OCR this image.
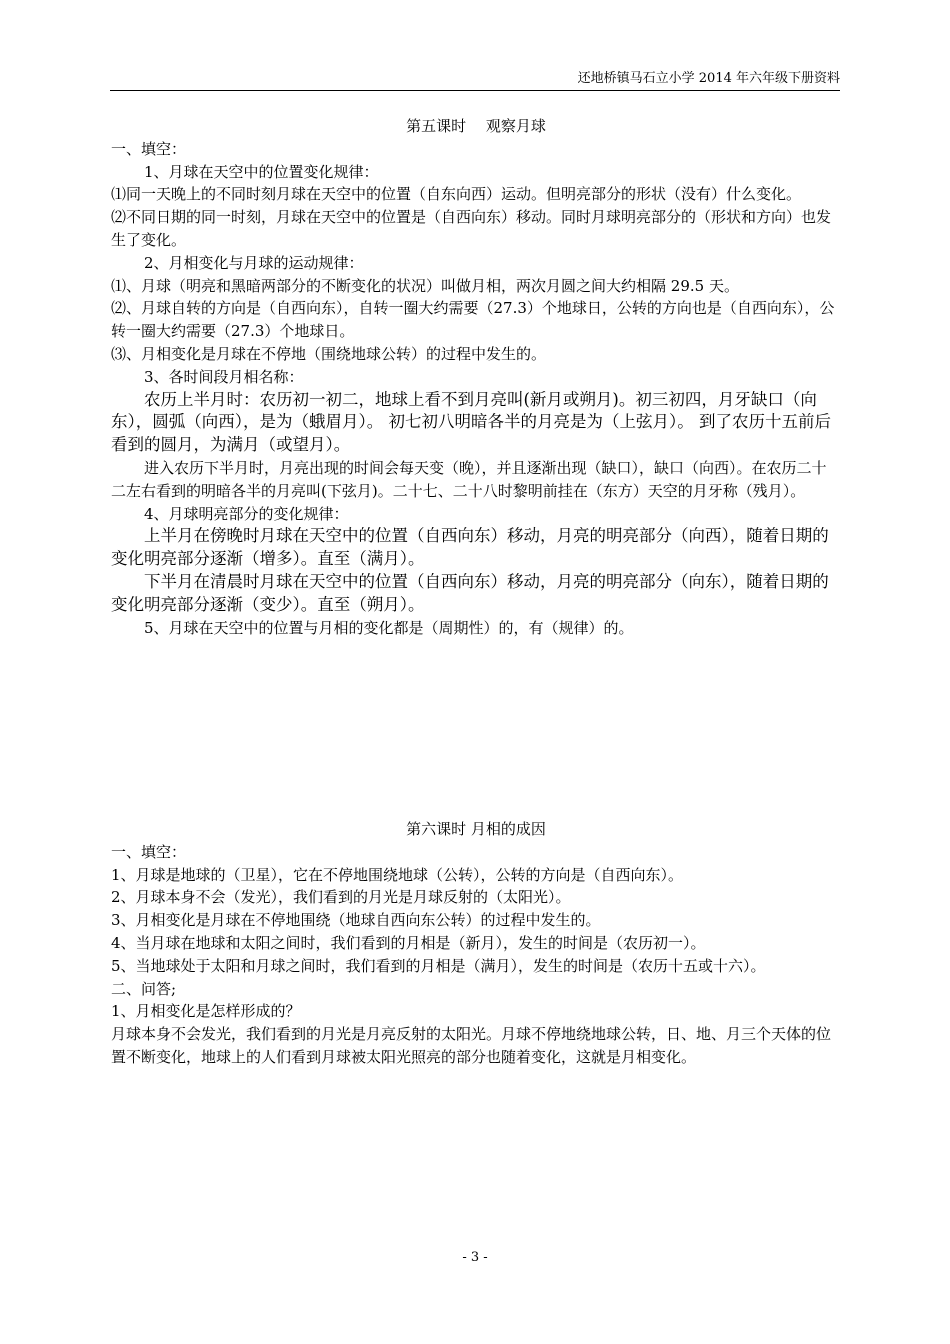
还地桥镇马石立小学 2014 年六年级下册资料
第五课时　 观察月球
一、填空：
1、月球在天空中的位置变化规律：
⑴同一天晚上的不同时刻月球在天空中的位置（自东向西）运动。但明亮部分的形状（没有）什么变化。
⑵不同日期的同一时刻，月球在天空中的位置是（自西向东）移动。同时月球明亮部分的（形状和方向）也发生了变化。
2、月相变化与月球的运动规律：
⑴、月球（明亮和黑暗两部分的不断变化的状况）叫做月相，两次月圆之间大约相隔 29.5 天。
⑵、月球自转的方向是（自西向东），自转一圈大约需要（27.3）个地球日，公转的方向也是（自西向东），公转一圈大约需要（27.3）个地球日。
⑶、月相变化是月球在不停地（围绕地球公转）的过程中发生的。
3、各时间段月相名称：
农历上半月时：农历初一初二，地球上看不到月亮叫(新月或朔月)。初三初四，月牙缺口（向东），圆弧（向西），是为（蛾眉月）。 初七初八明暗各半的月亮是为（上弦月）。 到了农历十五前后看到的圆月，为满月（或望月）。
进入农历下半月时，月亮出现的时间会每天变（晚），并且逐渐出现（缺口），缺口（向西）。在农历二十二左右看到的明暗各半的月亮叫(下弦月)。二十七、二十八时黎明前挂在（东方）天空的月牙称（残月）。
4、月球明亮部分的变化规律：
上半月在傍晚时月球在天空中的位置（自西向东）移动，月亮的明亮部分（向西），随着日期的变化明亮部分逐渐（增多）。直至（满月）。
下半月在清晨时月球在天空中的位置（自西向东）移动，月亮的明亮部分（向东），随着日期的变化明亮部分逐渐（变少）。直至（朔月）。
5、月球在天空中的位置与月相的变化都是（周期性）的，有（规律）的。
第六课时 月相的成因
一、填空：
1、月球是地球的（卫星），它在不停地围绕地球（公转），公转的方向是（自西向东）。
2、月球本身不会（发光），我们看到的月光是月球反射的（太阳光）。
3、月相变化是月球在不停地围绕（地球自西向东公转）的过程中发生的。
4、当月球在地球和太阳之间时，我们看到的月相是（新月），发生的时间是（农历初一）。
5、当地球处于太阳和月球之间时，我们看到的月相是（满月），发生的时间是（农历十五或十六）。
二、问答;
1、月相变化是怎样形成的？
月球本身不会发光，我们看到的月光是月亮反射的太阳光。月球不停地绕地球公转，日、地、月三个天体的位置不断变化，地球上的人们看到月球被太阳光照亮的部分也随着变化，这就是月相变化。
- 3 -
